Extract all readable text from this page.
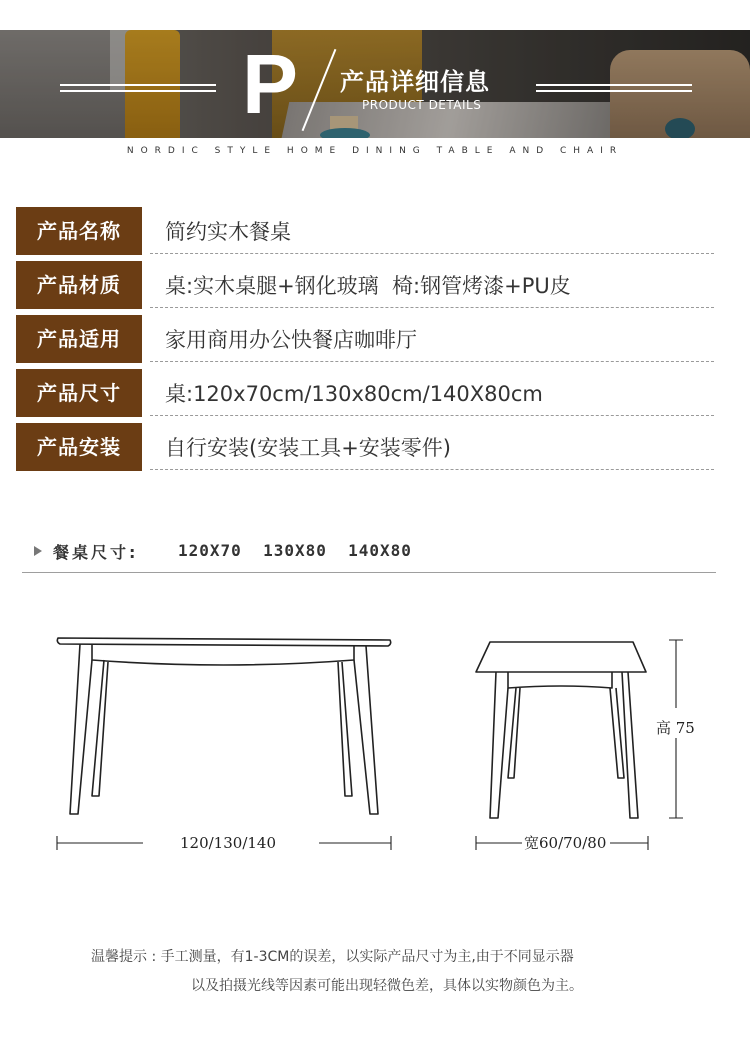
P 产品详细信息
PRODUCT DETAILS
NORDIC STYLE HOME DINING TABLE AND CHAIR
产品名称	简约实木餐桌
产品材质	桌:实木桌腿+钢化玻璃  椅:钢管烤漆+PU皮
产品适用	家用商用办公快餐店咖啡厅
产品尺寸	桌:120x70cm/130x80cm/140X80cm
产品安装	自行安装(安装工具+安装零件)
餐桌尺寸: 120X70  130X80  140X80
120/130/140	宽60/70/80
高 75
温馨提示 : 手工测量，有1-3CM的误差，以实际产品尺寸为主,由于不同显示器
以及拍摄光线等因素可能出现轻微色差，具体以实物颜色为主。
